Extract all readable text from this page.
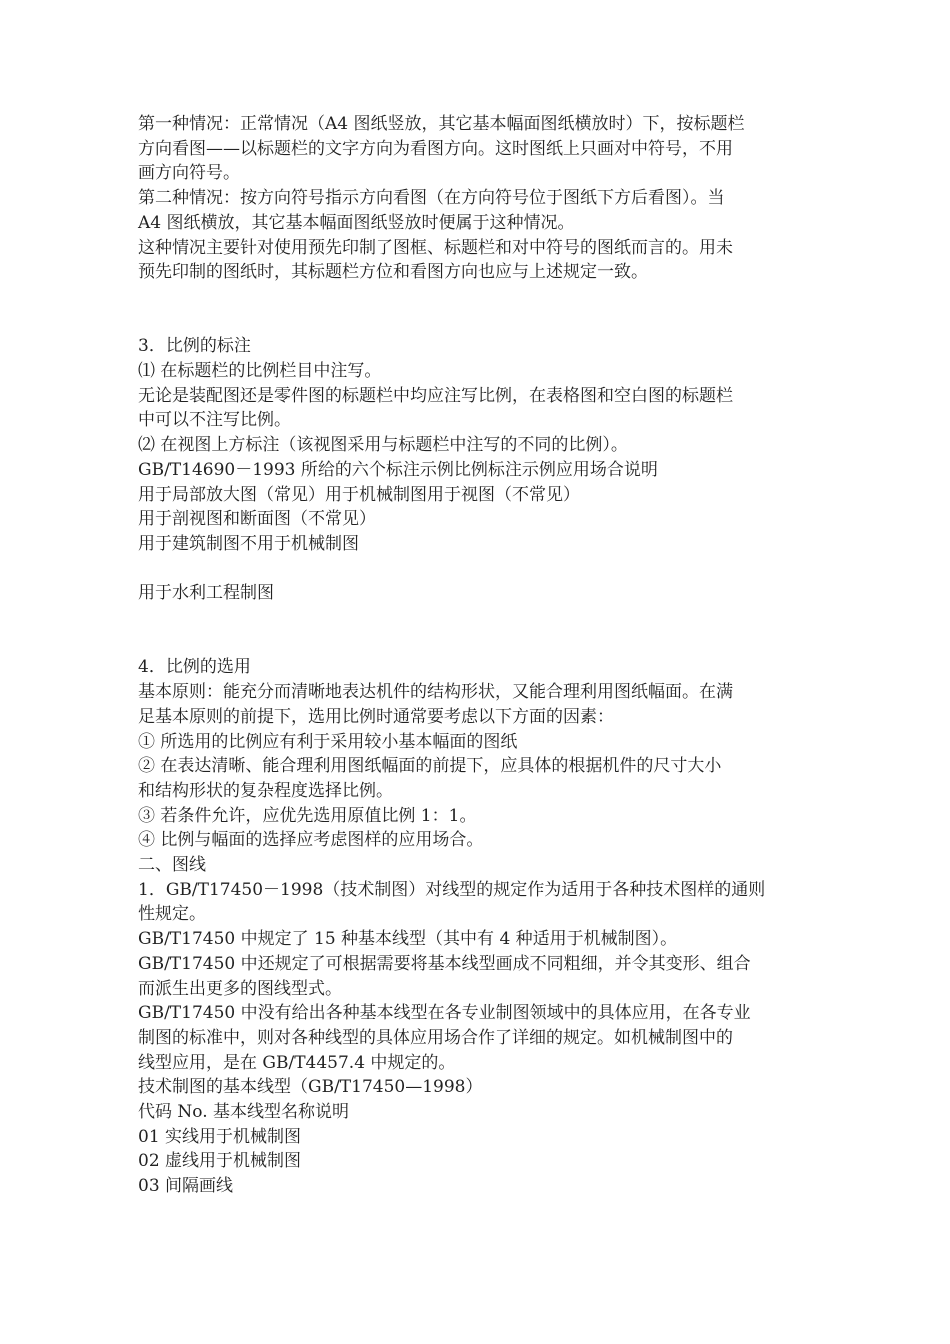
第一种情况：正常情况（A4 图纸竖放，其它基本幅面图纸横放时）下，按标题栏

方向看图——以标题栏的文字方向为看图方向。这时图纸上只画对中符号，不用

画方向符号。

第二种情况：按方向符号指示方向看图（在方向符号位于图纸下方后看图）。当

A4 图纸横放，其它基本幅面图纸竖放时便属于这种情况。

这种情况主要针对使用预先印制了图框、标题栏和对中符号的图纸而言的。用未

预先印制的图纸时，其标题栏方位和看图方向也应与上述规定一致。

3．比例的标注

⑴ 在标题栏的比例栏目中注写。

无论是装配图还是零件图的标题栏中均应注写比例，在表格图和空白图的标题栏

中可以不注写比例。

⑵ 在视图上方标注（该视图采用与标题栏中注写的不同的比例）。

GB/T14690－1993 所给的六个标注示例比例标注示例应用场合说明

用于局部放大图（常见）用于机械制图用于视图（不常见）

用于剖视图和断面图（不常见）

用于建筑制图不用于机械制图

用于水利工程制图

4．比例的选用

基本原则：能充分而清晰地表达机件的结构形状，又能合理利用图纸幅面。在满

足基本原则的前提下，选用比例时通常要考虑以下方面的因素：

① 所选用的比例应有利于采用较小基本幅面的图纸

② 在表达清晰、能合理利用图纸幅面的前提下，应具体的根据机件的尺寸大小

和结构形状的复杂程度选择比例。

③ 若条件允许，应优先选用原值比例 1：1。

④ 比例与幅面的选择应考虑图样的应用场合。

二、图线

1．GB/T17450－1998（技术制图）对线型的规定作为适用于各种技术图样的通则

性规定。

GB/T17450 中规定了 15 种基本线型（其中有 4 种适用于机械制图）。

GB/T17450 中还规定了可根据需要将基本线型画成不同粗细，并令其变形、组合

而派生出更多的图线型式。

GB/T17450 中没有给出各种基本线型在各专业制图领域中的具体应用，在各专业

制图的标准中，则对各种线型的具体应用场合作了详细的规定。如机械制图中的

线型应用，是在 GB/T4457.4 中规定的。

技术制图的基本线型（GB/T17450—1998）

代码 No. 基本线型名称说明

01 实线用于机械制图

02 虚线用于机械制图

03 间隔画线
